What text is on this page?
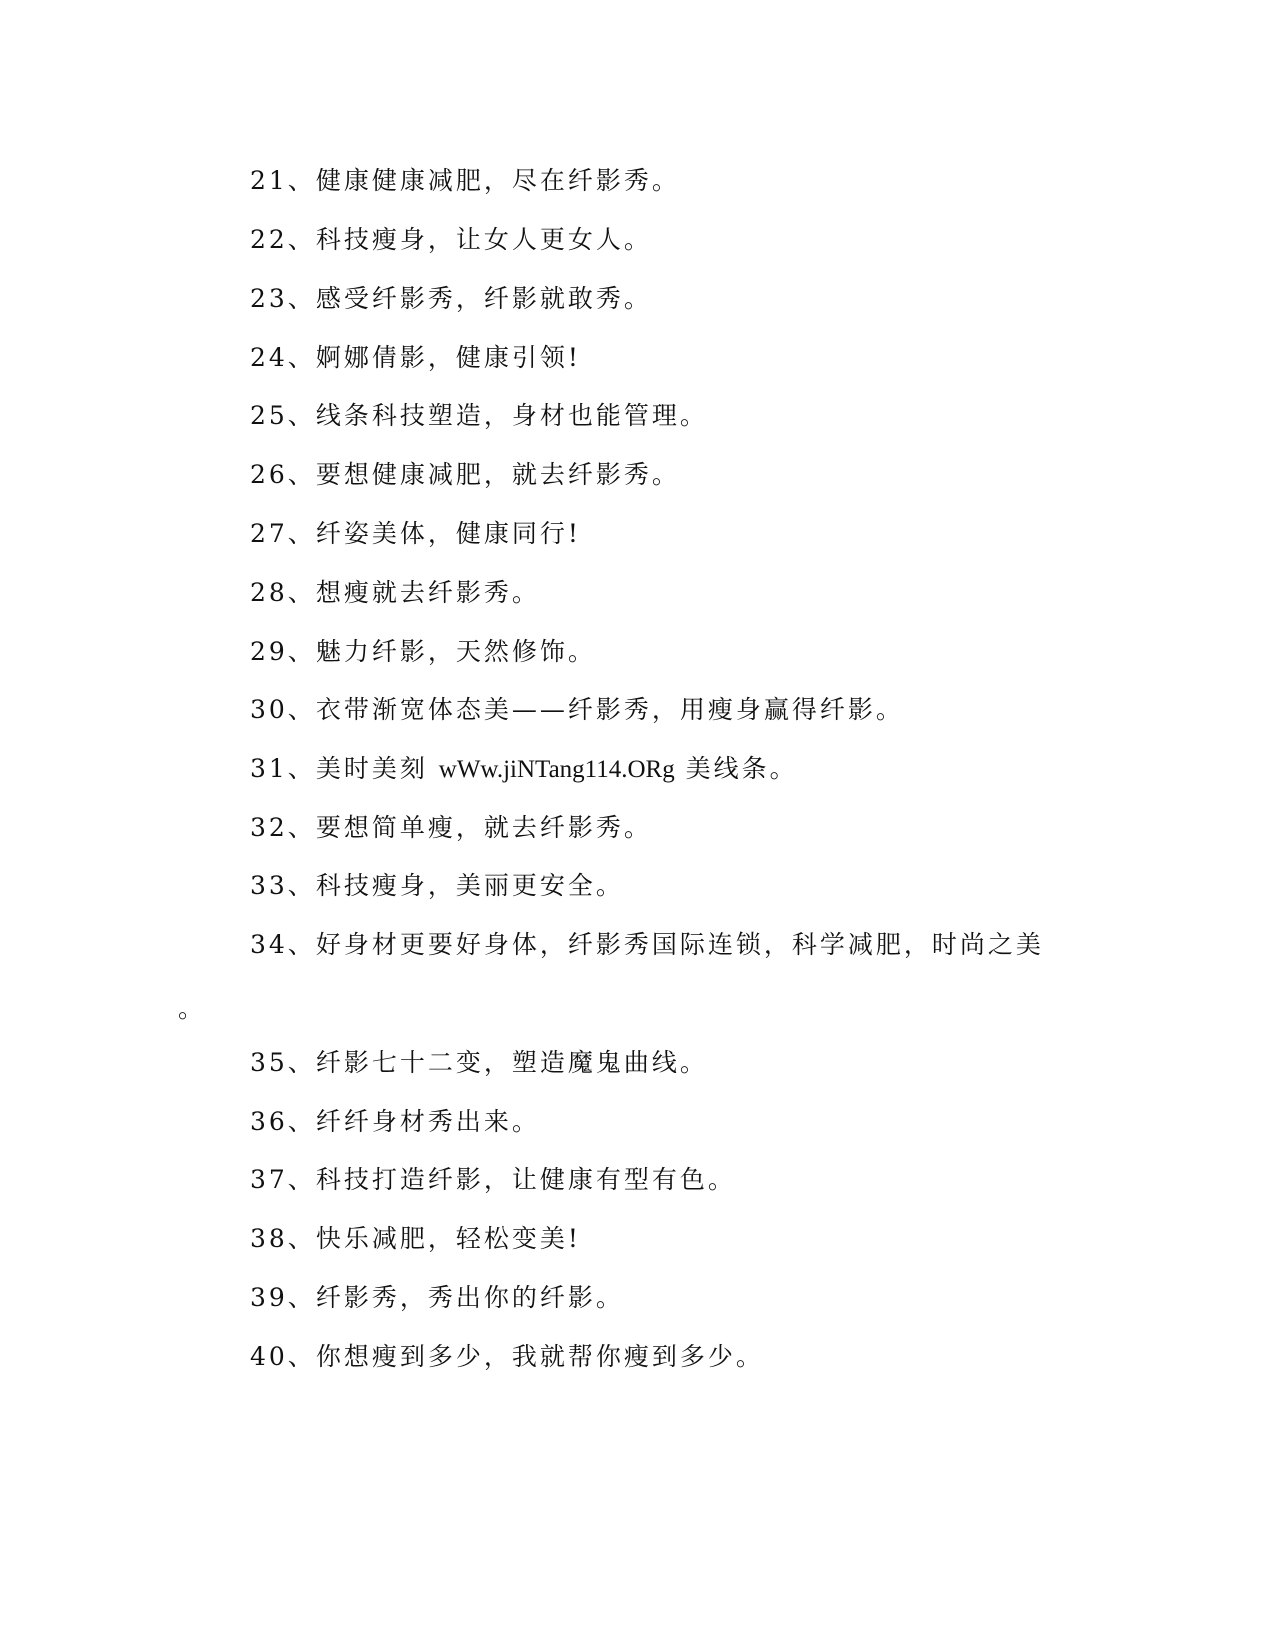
21、健康健康减肥，尽在纤影秀。
22、科技瘦身，让女人更女人。
23、感受纤影秀，纤影就敢秀。
24、婀娜倩影，健康引领!
25、线条科技塑造，身材也能管理。
26、要想健康减肥，就去纤影秀。
27、纤姿美体，健康同行!
28、想瘦就去纤影秀。
29、魅力纤影，天然修饰。
30、衣带渐宽体态美——纤影秀，用瘦身赢得纤影。
31、美时美刻 wWw.jiNTang114.ORg 美线条。
32、要想简单瘦，就去纤影秀。
33、科技瘦身，美丽更安全。
34、好身材更要好身体，纤影秀国际连锁，科学减肥，时尚之美
。
35、纤影七十二变，塑造魔鬼曲线。
36、纤纤身材秀出来。
37、科技打造纤影，让健康有型有色。
38、快乐减肥，轻松变美!
39、纤影秀，秀出你的纤影。
40、你想瘦到多少，我就帮你瘦到多少。
